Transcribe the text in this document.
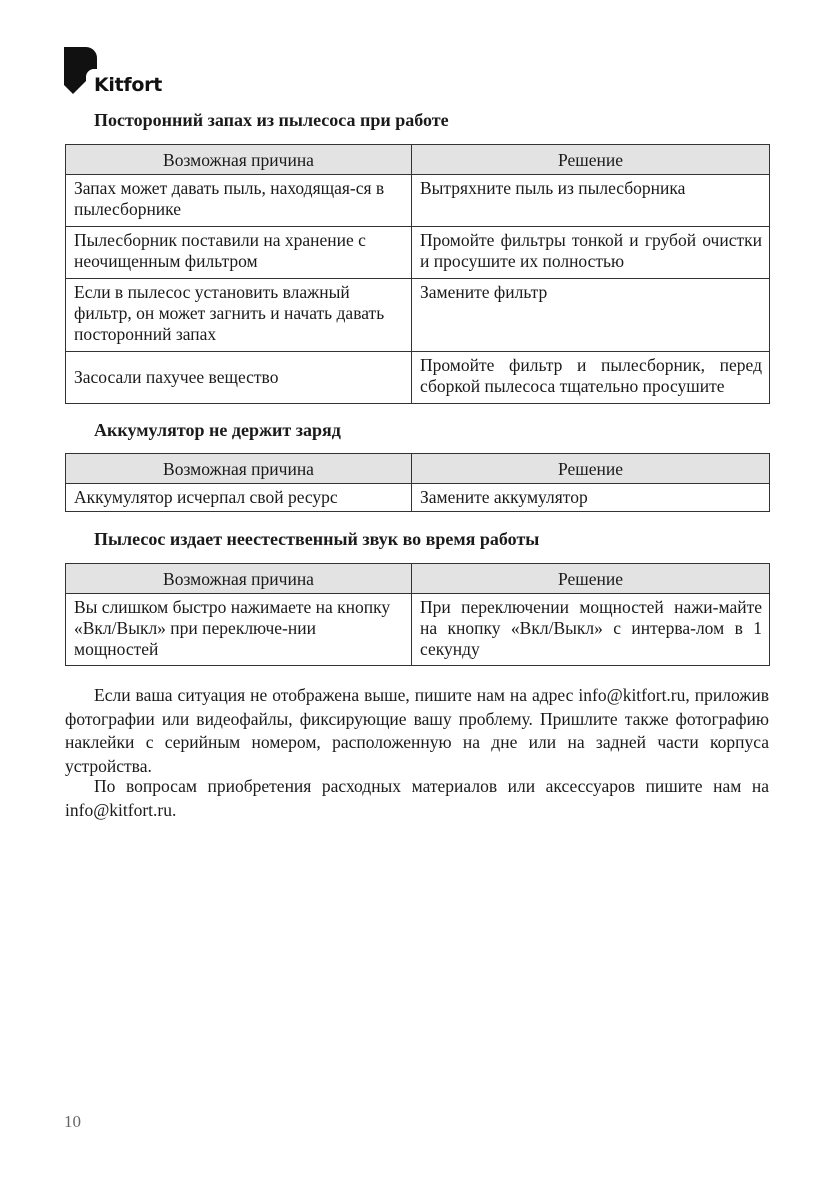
Kitfort
Посторонний запах из пылесоса при работе
Возможная причина	Решение
Запах может давать пыль, находящая-ся в пылесборнике	Вытряхните пыль из пылесборника
Пылесборник поставили на хранение с неочищенным фильтром	Промойте фильтры тонкой и грубой очистки и просушите их полностью
Если в пылесос установить влажный фильтр, он может загнить и начать давать посторонний запах	Замените фильтр
Засосали пахучее вещество	Промойте фильтр и пылесборник, перед сборкой пылесоса тщательно просушите
Аккумулятор не держит заряд
Возможная причина	Решение
Аккумулятор исчерпал свой ресурс	Замените аккумулятор
Пылесос издает неестественный звук во время работы
Возможная причина	Решение
Вы слишком быстро нажимаете на кнопку «Вкл/Выкл» при переключе-нии мощностей	При переключении мощностей нажи-майте на кнопку «Вкл/Выкл» с интерва-лом в 1 секунду

Если ваша ситуация не отображена выше, пишите нам на адрес info@kitfort.ru, приложив фотографии или видеофайлы, фиксирующие вашу проблему. Пришлите также фотографию наклейки с серийным номером, расположенную на дне или на задней части корпуса устройства.

По вопросам приобретения расходных материалов или аксессуаров пишите нам на info@kitfort.ru.

10
